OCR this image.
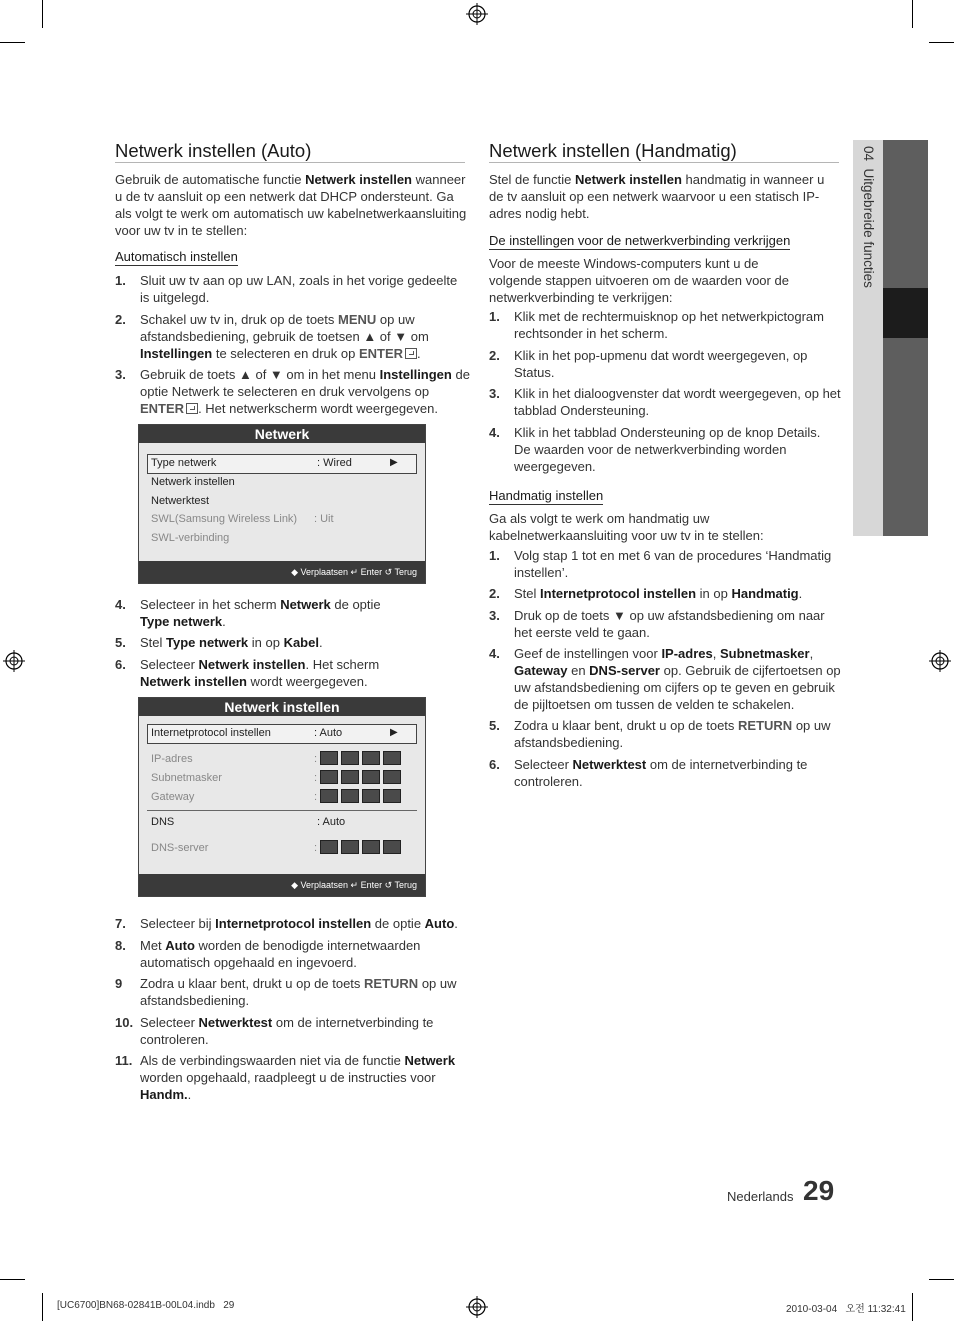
04  Uitgebreide functies
Netwerk instellen (Auto)
Gebruik de automatische functie Netwerk instellen wanneer u de tv aansluit op een netwerk dat DHCP ondersteunt. Ga als volgt te werk om automatisch uw kabelnetwerkaansluiting voor uw tv in te stellen:
Automatisch instellen
1. Sluit uw tv aan op uw LAN, zoals in het vorige gedeelte is uitgelegd.
2. Schakel uw tv in, druk op de toets MENU op uw afstandsbediening, gebruik de toetsen ▲ of ▼ om Instellingen te selecteren en druk op ENTER .
3. Gebruik de toets ▲ of ▼ om in het menu Instellingen de optie Netwerk te selecteren en druk vervolgens op ENTER . Het netwerkscherm wordt weergegeven.
Netwerk
Type netwerk	: Wired	▶
Netwerk instellen
Netwerktest
SWL(Samsung Wireless Link) : Uit
SWL-verbinding
◆ Verplaatsen ↵ Enter ↺ Terug
4. Selecteer in het scherm Netwerk de optie
Type netwerk.
5. Stel Type netwerk in op Kabel.
6. Selecteer Netwerk instellen. Het scherm
Netwerk instellen wordt weergegeven.
Netwerk instellen
Internetprotocol instellen	: Auto	▶
IP-adres	:
Subnetmasker	:
Gateway	:
DNS	: Auto
DNS-server	:
◆ Verplaatsen ↵ Enter ↺ Terug
7. Selecteer bij Internetprotocol instellen de optie Auto.
8. Met Auto worden de benodigde internetwaarden automatisch opgehaald en ingevoerd.
9 Zodra u klaar bent, drukt u op de toets RETURN op uw afstandsbediening.
10. Selecteer Netwerktest om de internetverbinding te controleren.
11. Als de verbindingswaarden niet via de functie Netwerk worden opgehaald, raadpleegt u de instructies voor Handm..
Netwerk instellen (Handmatig)
Stel de functie Netwerk instellen handmatig in wanneer u de tv aansluit op een netwerk waarvoor u een statisch IP-adres nodig hebt.
De instellingen voor de netwerkverbinding verkrijgen
Voor de meeste Windows-computers kunt u de volgende stappen uitvoeren om de waarden voor de netwerkverbinding te verkrijgen:
1. Klik met de rechtermuisknop op het netwerkpictogram rechtsonder in het scherm.
2. Klik in het pop-upmenu dat wordt weergegeven, op Status.
3. Klik in het dialoogvenster dat wordt weergegeven, op het tabblad Ondersteuning.
4. Klik in het tabblad Ondersteuning op de knop Details. De waarden voor de netwerkverbinding worden weergegeven.
Handmatig instellen
Ga als volgt te werk om handmatig uw kabelnetwerkaansluiting voor uw tv in te stellen:
1. Volg stap 1 tot en met 6 van de procedures ‘Handmatig instellen’.
2. Stel Internetprotocol instellen in op Handmatig.
3. Druk op de toets ▼ op uw afstandsbediening om naar het eerste veld te gaan.
4. Geef de instellingen voor IP-adres, Subnetmasker, Gateway en DNS-server op. Gebruik de cijfertoetsen op uw afstandsbediening om cijfers op te geven en gebruik de pijltoetsen om tussen de velden te schakelen.
5. Zodra u klaar bent, drukt u op de toets RETURN op uw afstandsbediening.
6. Selecteer Netwerktest om de internetverbinding te controleren.
Nederlands 29
[UC6700]BN68-02841B-00L04.indb   29	2010-03-04   오전 11:32:41
